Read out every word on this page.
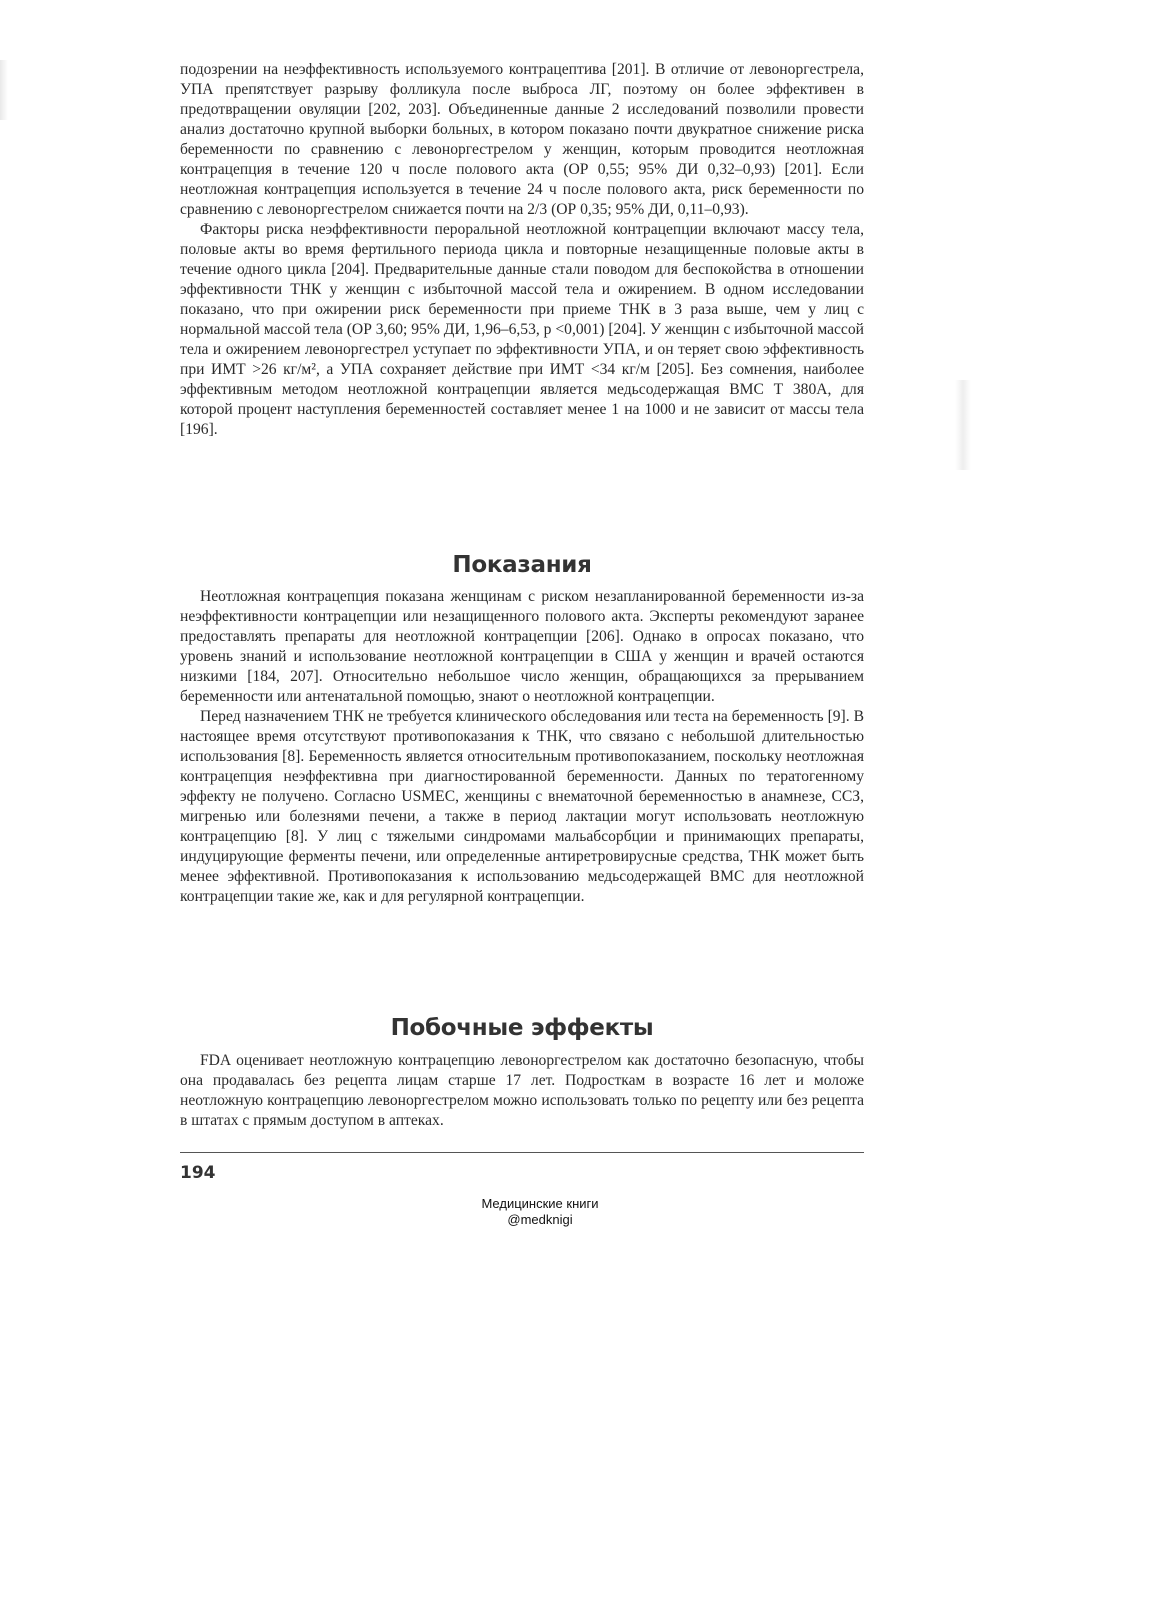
подозрении на неэффективность используемого контрацептива [201]. В отличие от левоноргестрела, УПА препятствует разрыву фолликула после выброса ЛГ, поэтому он более эффективен в предотвращении овуляции [202, 203]. Объединенные данные 2 исследований позволили провести анализ достаточно крупной выборки больных, в котором показано почти двукратное снижение риска беременности по сравнению с левоноргестрелом у женщин, которым проводится неотложная контрацепция в течение 120 ч после полового акта (ОР 0,55; 95% ДИ 0,32–0,93) [201]. Если неотложная контрацепция используется в течение 24 ч после полового акта, риск беременности по сравнению с левоноргестрелом снижается почти на 2/3 (ОР 0,35; 95% ДИ, 0,11–0,93).

Факторы риска неэффективности пероральной неотложной контрацепции включают массу тела, половые акты во время фертильного периода цикла и повторные незащищенные половые акты в течение одного цикла [204]. Предварительные данные стали поводом для беспокойства в отношении эффективности ТНК у женщин с избыточной массой тела и ожирением. В одном исследовании показано, что при ожирении риск беременности при приеме ТНК в 3 раза выше, чем у лиц с нормальной массой тела (ОР 3,60; 95% ДИ, 1,96–6,53, p <0,001) [204]. У женщин с избыточной массой тела и ожирением левоноргестрел уступает по эффективности УПА, и он теряет свою эффективность при ИМТ >26 кг/м², а УПА сохраняет действие при ИМТ <34 кг/м [205]. Без сомнения, наиболее эффективным методом неотложной контрацепции является медьсодержащая ВМС Т 380А, для которой процент наступления беременностей составляет менее 1 на 1000 и не зависит от массы тела [196].

Показания

Неотложная контрацепция показана женщинам с риском незапланированной беременности из-за неэффективности контрацепции или незащищенного полового акта. Эксперты рекомендуют заранее предоставлять препараты для неотложной контрацепции [206]. Однако в опросах показано, что уровень знаний и использование неотложной контрацепции в США у женщин и врачей остаются низкими [184, 207]. Относительно небольшое число женщин, обращающихся за прерыванием беременности или антенатальной помощью, знают о неотложной контрацепции.

Перед назначением ТНК не требуется клинического обследования или теста на беременность [9]. В настоящее время отсутствуют противопоказания к ТНК, что связано с небольшой длительностью использования [8]. Беременность является относительным противопоказанием, поскольку неотложная контрацепция неэффективна при диагностированной беременности. Данных по тератогенному эффекту не получено. Согласно USMEC, женщины с внематочной беременностью в анамнезе, ССЗ, мигренью или болезнями печени, а также в период лактации могут использовать неотложную контрацепцию [8]. У лиц с тяжелыми синдромами мальабсорбции и принимающих препараты, индуцирующие ферменты печени, или определенные антиретровирусные средства, ТНК может быть менее эффективной. Противопоказания к использованию медьсодержащей ВМС для неотложной контрацепции такие же, как и для регулярной контрацепции.

Побочные эффекты

FDA оценивает неотложную контрацепцию левоноргестрелом как достаточно безопасную, чтобы она продавалась без рецепта лицам старше 17 лет. Подросткам в возрасте 16 лет и моложе неотложную контрацепцию левоноргестрелом можно использовать только по рецепту или без рецепта в штатах с прямым доступом в аптеках.

194
Медицинские книги
@medknigi
